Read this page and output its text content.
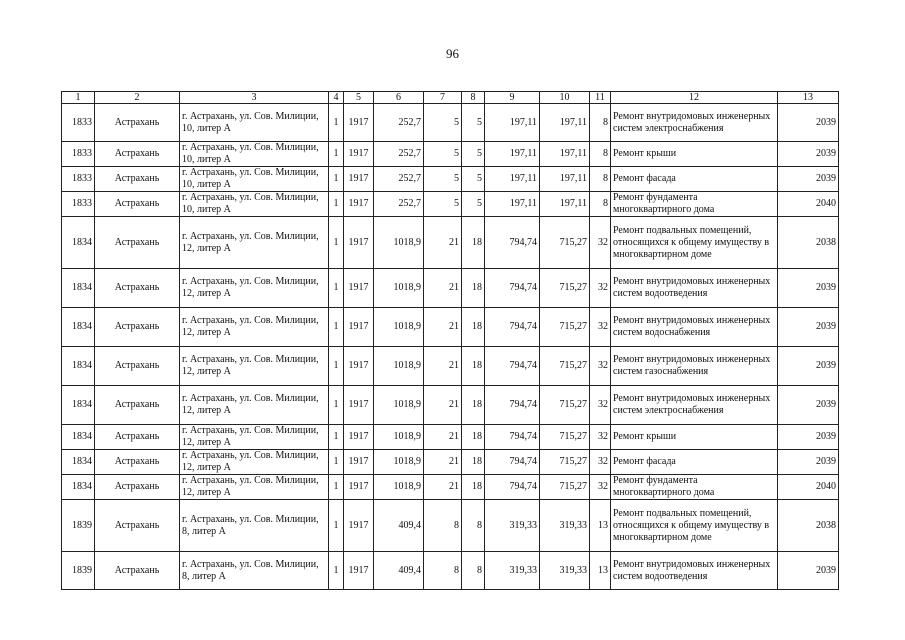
96
1	2	3	4	5	6	7	8	9	10	11	12	13
1833	Астрахань	г. Астрахань, ул. Сов. Милиции, 10, литер А	1	1917	252,7	5	5	197,11	197,11	8	Ремонт внутридомовых инженерных систем электроснабжения	2039
1833	Астрахань	г. Астрахань, ул. Сов. Милиции, 10, литер А	1	1917	252,7	5	5	197,11	197,11	8	Ремонт крыши	2039
1833	Астрахань	г. Астрахань, ул. Сов. Милиции, 10, литер А	1	1917	252,7	5	5	197,11	197,11	8	Ремонт фасада	2039
1833	Астрахань	г. Астрахань, ул. Сов. Милиции, 10, литер А	1	1917	252,7	5	5	197,11	197,11	8	Ремонт фундамента многоквартирного дома	2040
1834	Астрахань	г. Астрахань, ул. Сов. Милиции, 12, литер А	1	1917	1018,9	21	18	794,74	715,27	32	Ремонт подвальных помещений, относящихся к общему имуществу в многоквартирном доме	2038
1834	Астрахань	г. Астрахань, ул. Сов. Милиции, 12, литер А	1	1917	1018,9	21	18	794,74	715,27	32	Ремонт внутридомовых инженерных систем водоотведения	2039
1834	Астрахань	г. Астрахань, ул. Сов. Милиции, 12, литер А	1	1917	1018,9	21	18	794,74	715,27	32	Ремонт внутридомовых инженерных систем водоснабжения	2039
1834	Астрахань	г. Астрахань, ул. Сов. Милиции, 12, литер А	1	1917	1018,9	21	18	794,74	715,27	32	Ремонт внутридомовых инженерных систем газоснабжения	2039
1834	Астрахань	г. Астрахань, ул. Сов. Милиции, 12, литер А	1	1917	1018,9	21	18	794,74	715,27	32	Ремонт внутридомовых инженерных систем электроснабжения	2039
1834	Астрахань	г. Астрахань, ул. Сов. Милиции, 12, литер А	1	1917	1018,9	21	18	794,74	715,27	32	Ремонт крыши	2039
1834	Астрахань	г. Астрахань, ул. Сов. Милиции, 12, литер А	1	1917	1018,9	21	18	794,74	715,27	32	Ремонт фасада	2039
1834	Астрахань	г. Астрахань, ул. Сов. Милиции, 12, литер А	1	1917	1018,9	21	18	794,74	715,27	32	Ремонт фундамента многоквартирного дома	2040
1839	Астрахань	г. Астрахань, ул. Сов. Милиции, 8, литер А	1	1917	409,4	8	8	319,33	319,33	13	Ремонт подвальных помещений, относящихся к общему имуществу в многоквартирном доме	2038
1839	Астрахань	г. Астрахань, ул. Сов. Милиции, 8, литер А	1	1917	409,4	8	8	319,33	319,33	13	Ремонт внутридомовых инженерных систем водоотведения	2039
